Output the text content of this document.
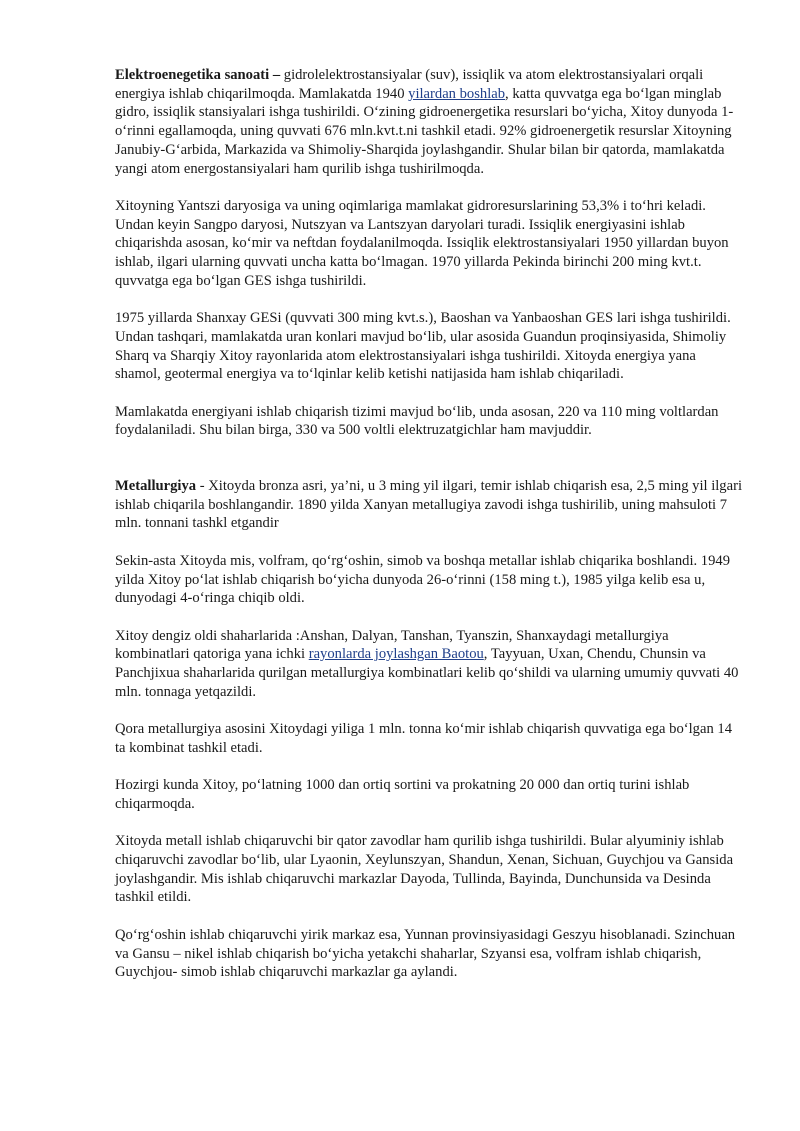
Elektroenegetika sanoati – gidrolelektrostansiyalar (suv), issiqlik va atom elektrostansiyalari orqali energiya ishlab chiqarilmoqda. Mamlakatda 1940 yilardan boshlab, katta quvvatga ega bo‘lgan minglab gidro, issiqlik stansiyalari ishga tushirildi. O‘zining gidroenergetika resurslari bo‘yicha, Xitoy dunyoda 1-o‘rinni egallamoqda, uning quvvati 676 mln.kvt.t.ni tashkil etadi. 92% gidroenergetik resurslar Xitoyning Janubiy-G‘arbida, Markazida va Shimoliy-Sharqida joylashgandir. Shular bilan bir qatorda, mamlakatda yangi atom energostansiyalari ham qurilib ishga tushirilmoqda.

Xitoyning Yantszi daryosiga va uning oqimlariga mamlakat gidroresurslarining 53,3% i to‘hri keladi. Undan keyin Sangpo daryosi, Nutszyan va Lantszyan daryolari turadi. Issiqlik energiyasini ishlab chiqarishda asosan, ko‘mir va neftdan foydalanilmoqda. Issiqlik elektrostansiyalari 1950 yillardan buyon ishlab, ilgari ularning quvvati uncha katta bo‘lmagan. 1970 yillarda Pekinda birinchi 200 ming kvt.t. quvvatga ega bo‘lgan GES ishga tushirildi.

1975 yillarda Shanxay GESi (quvvati 300 ming kvt.s.), Baoshan va Yanbaoshan GES lari ishga tushirildi. Undan tashqari, mamlakatda uran konlari mavjud bo‘lib, ular asosida Guandun proqinsiyasida, Shimoliy Sharq va Sharqiy Xitoy rayonlarida atom elektrostansiyalari ishga tushirildi. Xitoyda energiya yana shamol, geotermal energiya va to‘lqinlar kelib ketishi natijasida ham ishlab chiqariladi.

Mamlakatda energiyani ishlab chiqarish tizimi mavjud bo‘lib, unda asosan, 220 va 110 ming voltlardan foydalaniladi. Shu bilan birga, 330 va 500 voltli elektruzatgichlar ham mavjuddir.

Metallurgiya - Xitoyda bronza asri, ya’ni, u 3 ming yil ilgari, temir ishlab chiqarish esa, 2,5 ming yil ilgari ishlab chiqarila boshlangandir. 1890 yilda Xanyan metallugiya zavodi ishga tushirilib, uning mahsuloti 7 mln. tonnani tashkl etgandir

Sekin-asta Xitoyda mis, volfram, qo‘rg‘oshin, simob va boshqa metallar ishlab chiqarika boshlandi. 1949 yilda Xitoy po‘lat ishlab chiqarish bo‘yicha dunyoda 26-o‘rinni (158 ming t.), 1985 yilga kelib esa u, dunyodagi 4-o‘ringa chiqib oldi.

Xitoy dengiz oldi shaharlarida :Anshan, Dalyan, Tanshan, Tyanszin, Shanxaydagi metallurgiya kombinatlari qatoriga yana ichki rayonlarda joylashgan Baotou, Tayyuan, Uxan, Chendu, Chunsin va Panchjixua shaharlarida qurilgan metallurgiya kombinatlari kelib qo‘shildi va ularning umumiy quvvati 40 mln. tonnaga yetqazildi.

Qora metallurgiya asosini Xitoydagi yiliga 1 mln. tonna ko‘mir ishlab chiqarish quvvatiga ega bo‘lgan 14 ta kombinat tashkil etadi.

Hozirgi kunda Xitoy, po‘latning 1000 dan ortiq sortini va prokatning 20 000 dan ortiq turini ishlab chiqarmoqda.

Xitoyda metall ishlab chiqaruvchi bir qator zavodlar ham qurilib ishga tushirildi. Bular alyuminiy ishlab chiqaruvchi zavodlar bo‘lib, ular Lyaonin, Xeylunszyan, Shandun, Xenan, Sichuan, Guychjou va Gansida joylashgandir. Mis ishlab chiqaruvchi markazlar Dayoda, Tullinda, Bayinda, Dunchunsida va Desinda tashkil etildi.

Qo‘rg‘oshin ishlab chiqaruvchi yirik markaz esa, Yunnan provinsiyasidagi Geszyu hisoblanadi. Szinchuan va Gansu – nikel ishlab chiqarish bo‘yicha yetakchi shaharlar, Szyansi esa, volfram ishlab chiqarish, Guychjou- simob ishlab chiqaruvchi markazlar ga aylandi.
